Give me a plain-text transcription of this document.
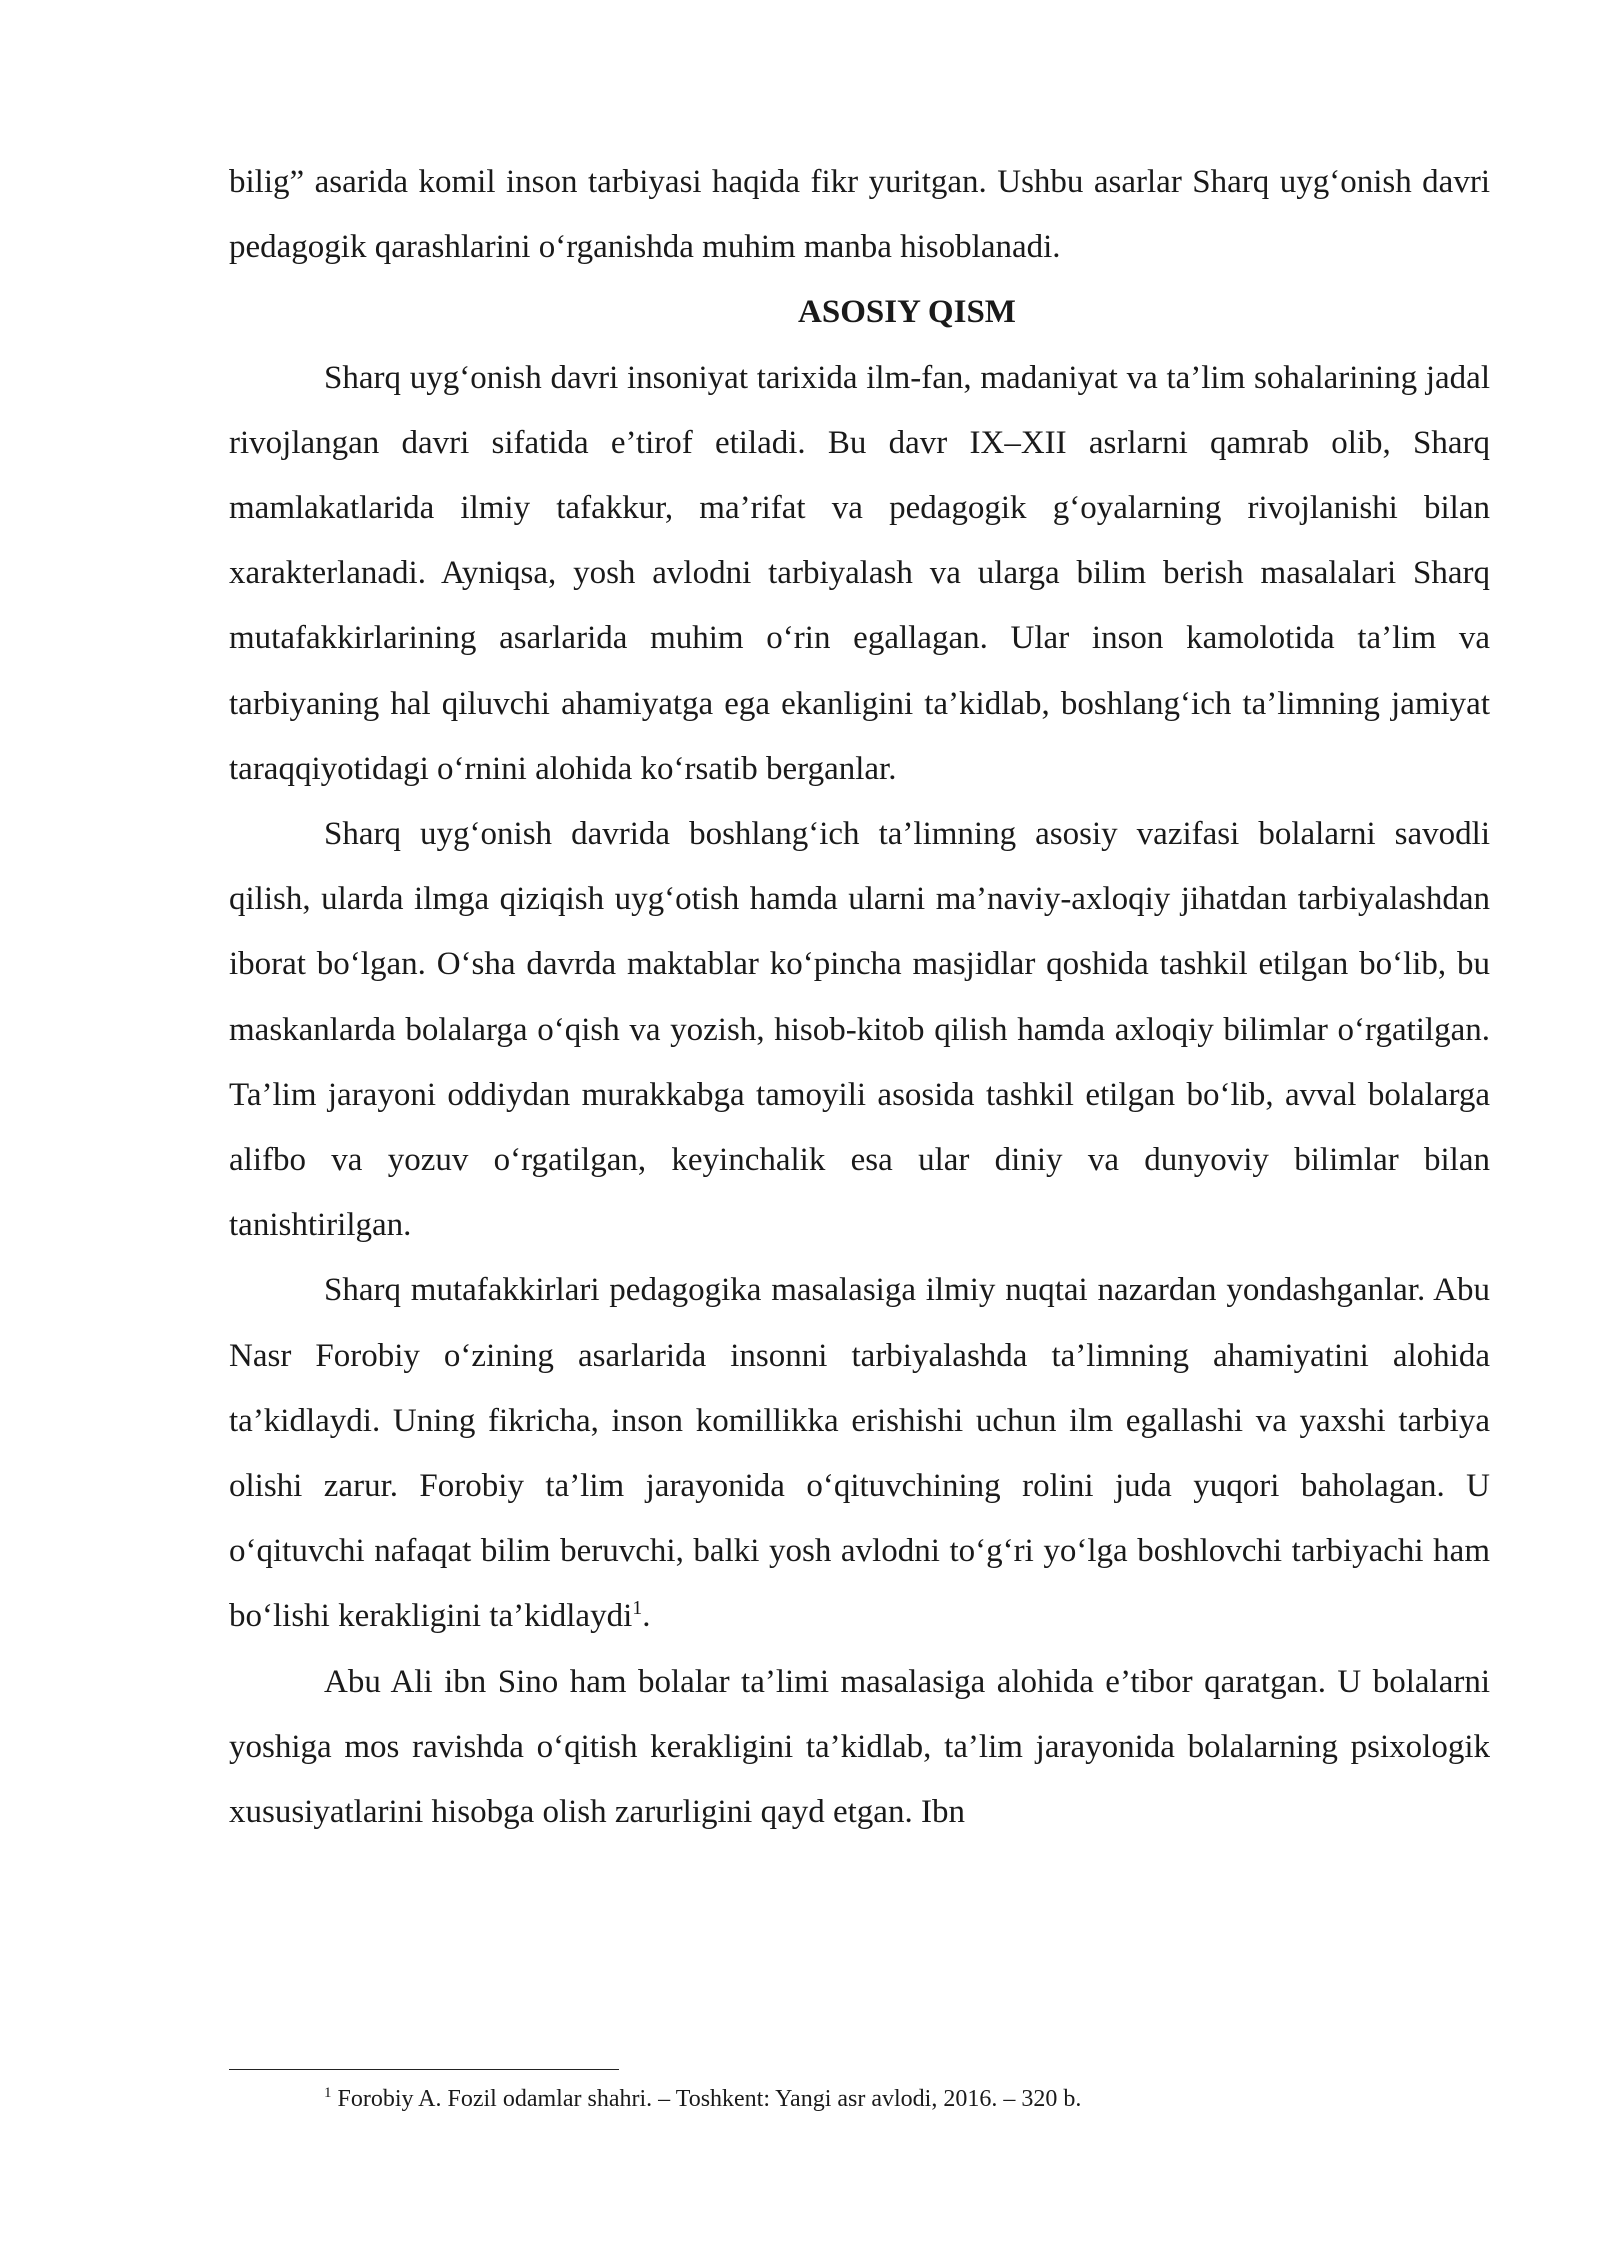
bilig” asarida komil inson tarbiyasi haqida fikr yuritgan. Ushbu asarlar Sharq uyg‘onish davri pedagogik qarashlarini o‘rganishda muhim manba hisoblanadi.

ASOSIY QISM

Sharq uyg‘onish davri insoniyat tarixida ilm-fan, madaniyat va ta’lim sohalarining jadal rivojlangan davri sifatida e’tirof etiladi. Bu davr IX–XII asrlarni qamrab olib, Sharq mamlakatlarida ilmiy tafakkur, ma’rifat va pedagogik g‘oyalarning rivojlanishi bilan xarakterlanadi. Ayniqsa, yosh avlodni tarbiyalash va ularga bilim berish masalalari Sharq mutafakkirlarining asarlarida muhim o‘rin egallagan. Ular inson kamolotida ta’lim va tarbiyaning hal qiluvchi ahamiyatga ega ekanligini ta’kidlab, boshlang‘ich ta’limning jamiyat taraqqiyotidagi o‘rnini alohida ko‘rsatib berganlar.

Sharq uyg‘onish davrida boshlang‘ich ta’limning asosiy vazifasi bolalarni savodli qilish, ularda ilmga qiziqish uyg‘otish hamda ularni ma’naviy-axloqiy jihatdan tarbiyalashdan iborat bo‘lgan. O‘sha davrda maktablar ko‘pincha masjidlar qoshida tashkil etilgan bo‘lib, bu maskanlarda bolalarga o‘qish va yozish, hisob-kitob qilish hamda axloqiy bilimlar o‘rgatilgan. Ta’lim jarayoni oddiydan murakkabga tamoyili asosida tashkil etilgan bo‘lib, avval bolalarga alifbo va yozuv o‘rgatilgan, keyinchalik esa ular diniy va dunyoviy bilimlar bilan tanishtirilgan.

Sharq mutafakkirlari pedagogika masalasiga ilmiy nuqtai nazardan yondashganlar. Abu Nasr Forobiy o‘zining asarlarida insonni tarbiyalashda ta’limning ahamiyatini alohida ta’kidlaydi. Uning fikricha, inson komillikka erishishi uchun ilm egallashi va yaxshi tarbiya olishi zarur. Forobiy ta’lim jarayonida o‘qituvchining rolini juda yuqori baholagan. U o‘qituvchi nafaqat bilim beruvchi, balki yosh avlodni to‘g‘ri yo‘lga boshlovchi tarbiyachi ham bo‘lishi kerakligini ta’kidlaydi$^1$.

Abu Ali ibn Sino ham bolalar ta’limi masalasiga alohida e’tibor qaratgan. U bolalarni yoshiga mos ravishda o‘qitish kerakligini ta’kidlab, ta’lim jarayonida bolalarning psixologik xususiyatlarini hisobga olish zarurligini qayd etgan. Ibn

$^1$ Forobiy A. Fozil odamlar shahri. – Toshkent: Yangi asr avlodi, 2016. – 320 b.
